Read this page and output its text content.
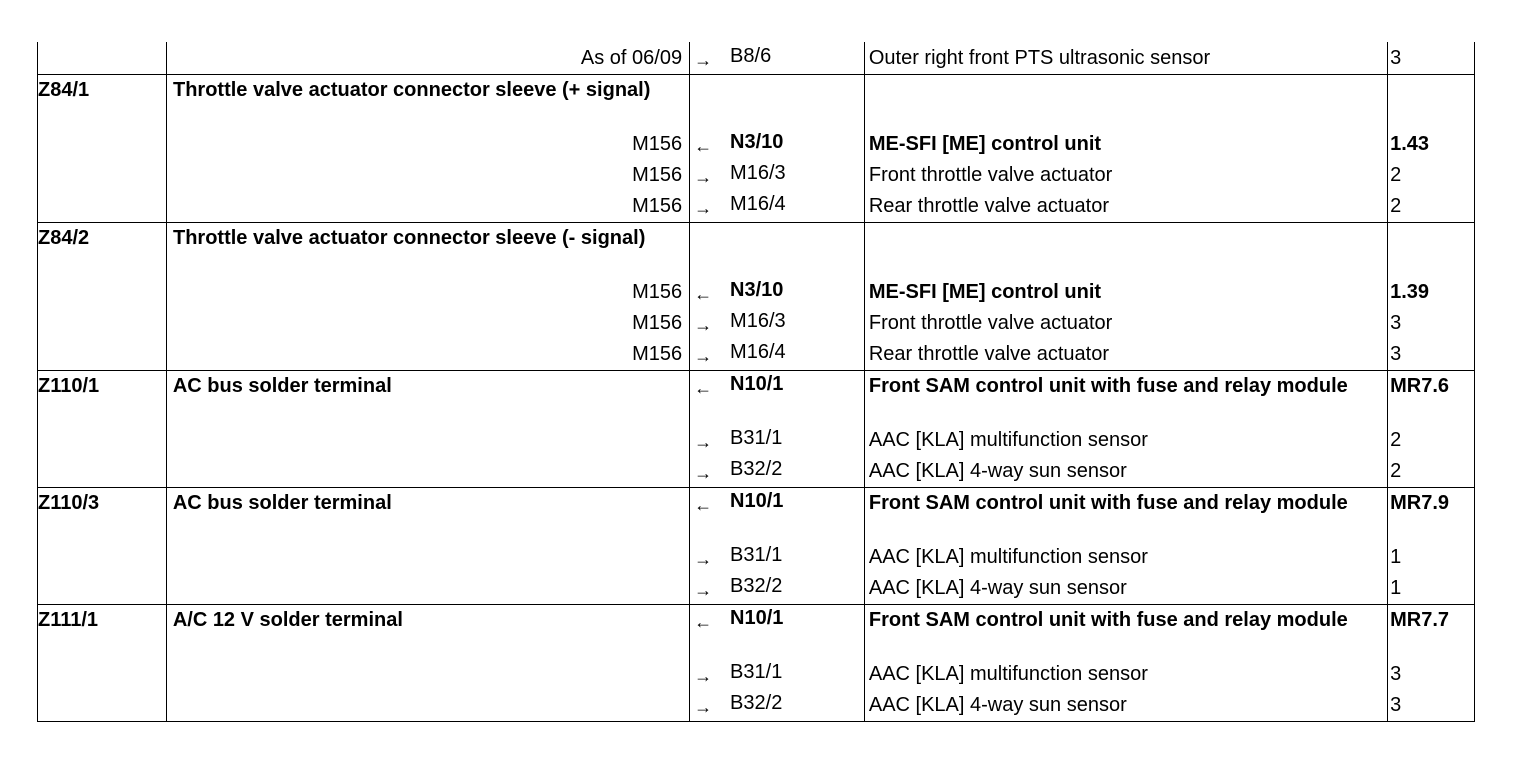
As of 06/09 → B8/6	Outer right front PTS ultrasonic sensor	3
Z84/1	Throttle valve actuator connector sleeve (+ signal)
M156 ← N3/10	ME-SFI [ME] control unit	1.43
M156 → M16/3	Front throttle valve actuator	2
M156 → M16/4	Rear throttle valve actuator	2
Z84/2	Throttle valve actuator connector sleeve (- signal)
M156 ← N3/10	ME-SFI [ME] control unit	1.39
M156 → M16/3	Front throttle valve actuator	3
M156 → M16/4	Rear throttle valve actuator	3
Z110/1	AC bus solder terminal	← N10/1	Front SAM control unit with fuse and relay module	MR7.6
→ B31/1	AAC [KLA] multifunction sensor	2
→ B32/2	AAC [KLA] 4-way sun sensor	2
Z110/3	AC bus solder terminal	← N10/1	Front SAM control unit with fuse and relay module	MR7.9
→ B31/1	AAC [KLA] multifunction sensor	1
→ B32/2	AAC [KLA] 4-way sun sensor	1
Z111/1	A/C 12 V solder terminal	← N10/1	Front SAM control unit with fuse and relay module	MR7.7
→ B31/1	AAC [KLA] multifunction sensor	3
→ B32/2	AAC [KLA] 4-way sun sensor	3
